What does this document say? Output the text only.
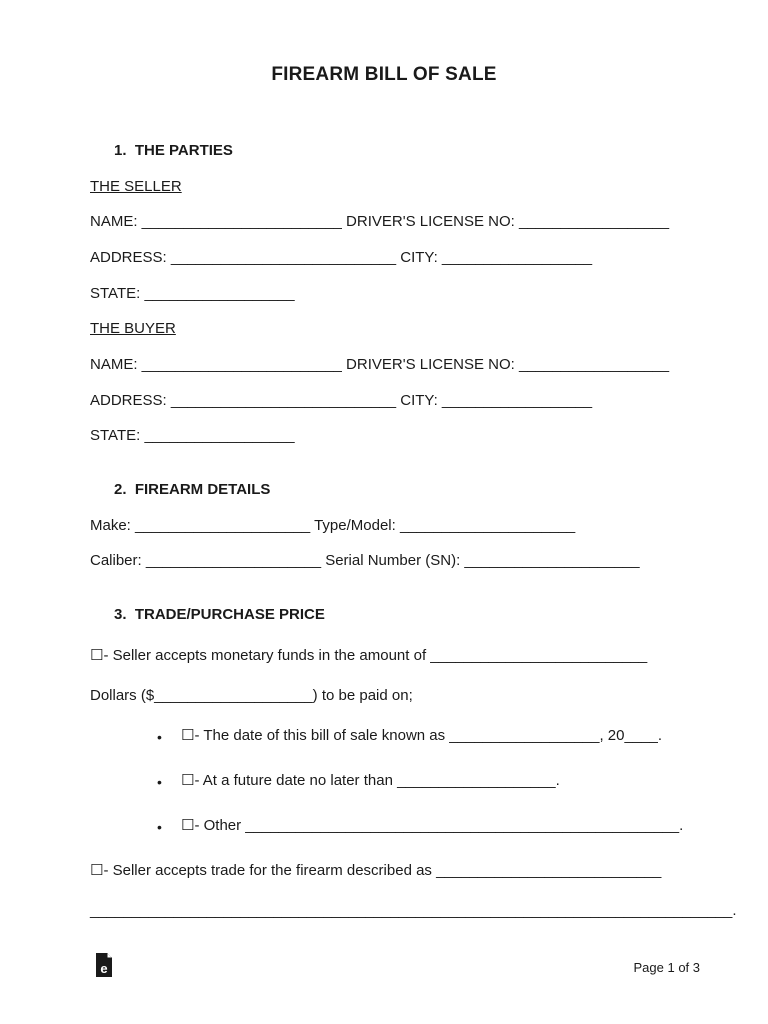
FIREARM BILL OF SALE
1.  THE PARTIES
THE SELLER
NAME: ________________________ DRIVER'S LICENSE NO: __________________
ADDRESS: ___________________________ CITY: __________________
STATE: __________________
THE BUYER
NAME: ________________________ DRIVER'S LICENSE NO: __________________
ADDRESS: ___________________________ CITY: __________________
STATE: __________________
2.  FIREARM DETAILS
Make: _____________________ Type/Model: _____________________
Caliber: _____________________ Serial Number (SN): _____________________
3.  TRADE/PURCHASE PRICE
☐- Seller accepts monetary funds in the amount of __________________________
Dollars ($___________________) to be paid on;
• ☐- The date of this bill of sale known as __________________, 20____.
• ☐- At a future date no later than ___________________.
• ☐- Other ____________________________________________________.
☐- Seller accepts trade for the firearm described as ___________________________
_____________________________________________________________________________.
e	Page 1 of 3
